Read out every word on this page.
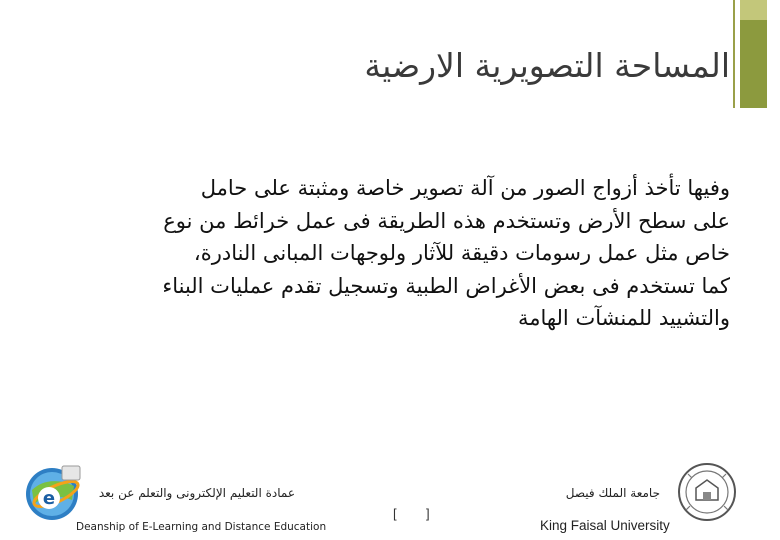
المساحة التصويرية الارضية
وفيها تأخذ أزواج الصور من آلة تصوير خاصة ومثبتة على حامل
على سطح الأرض وتستخدم هذه الطريقة فى عمل خرائط من نوع
خاص مثل عمل رسومات دقيقة للآثار ولوجهات المبانى النادرة،
كما تستخدم فى بعض الأغراض الطبية وتسجيل تقدم عمليات البناء
والتشييد للمنشآت الهامة
e	عمادة التعليم الإلكترونى والتعلم عن بعد
Deanship of E-Learning and Distance Education
[ ]
جامعة الملك فيصل
King Faisal University
